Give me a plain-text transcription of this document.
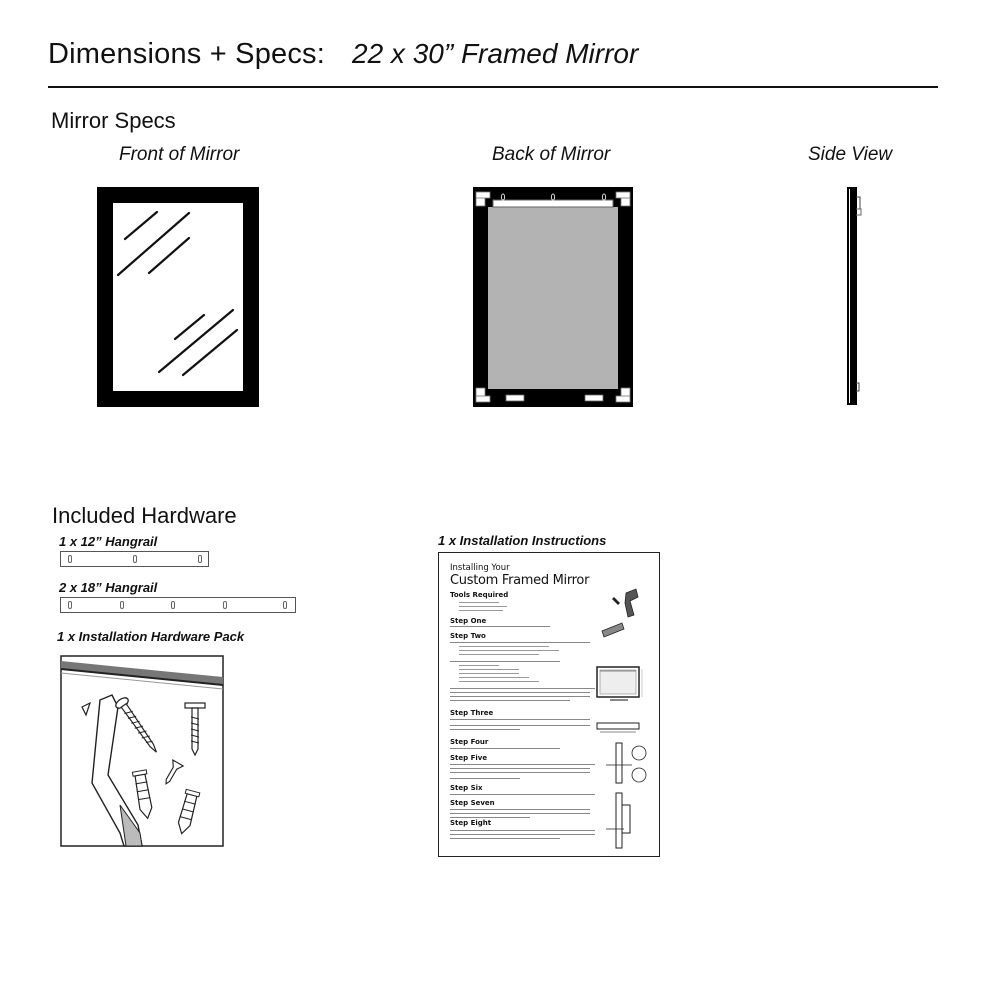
Dimensions + Specs: 22 x 30” Framed Mirror
Mirror Specs
Front of Mirror	Back of Mirror	Side View
Included Hardware
1 x 12” Hangrail
2 x 18” Hangrail
1 x Installation Hardware Pack
1 x Installation Instructions
Installing Your
Custom Framed Mirror
Tools Required
Step One
Step Two
Step Three
Step Four
Step Five
Step Six
Step Seven
Step Eight
